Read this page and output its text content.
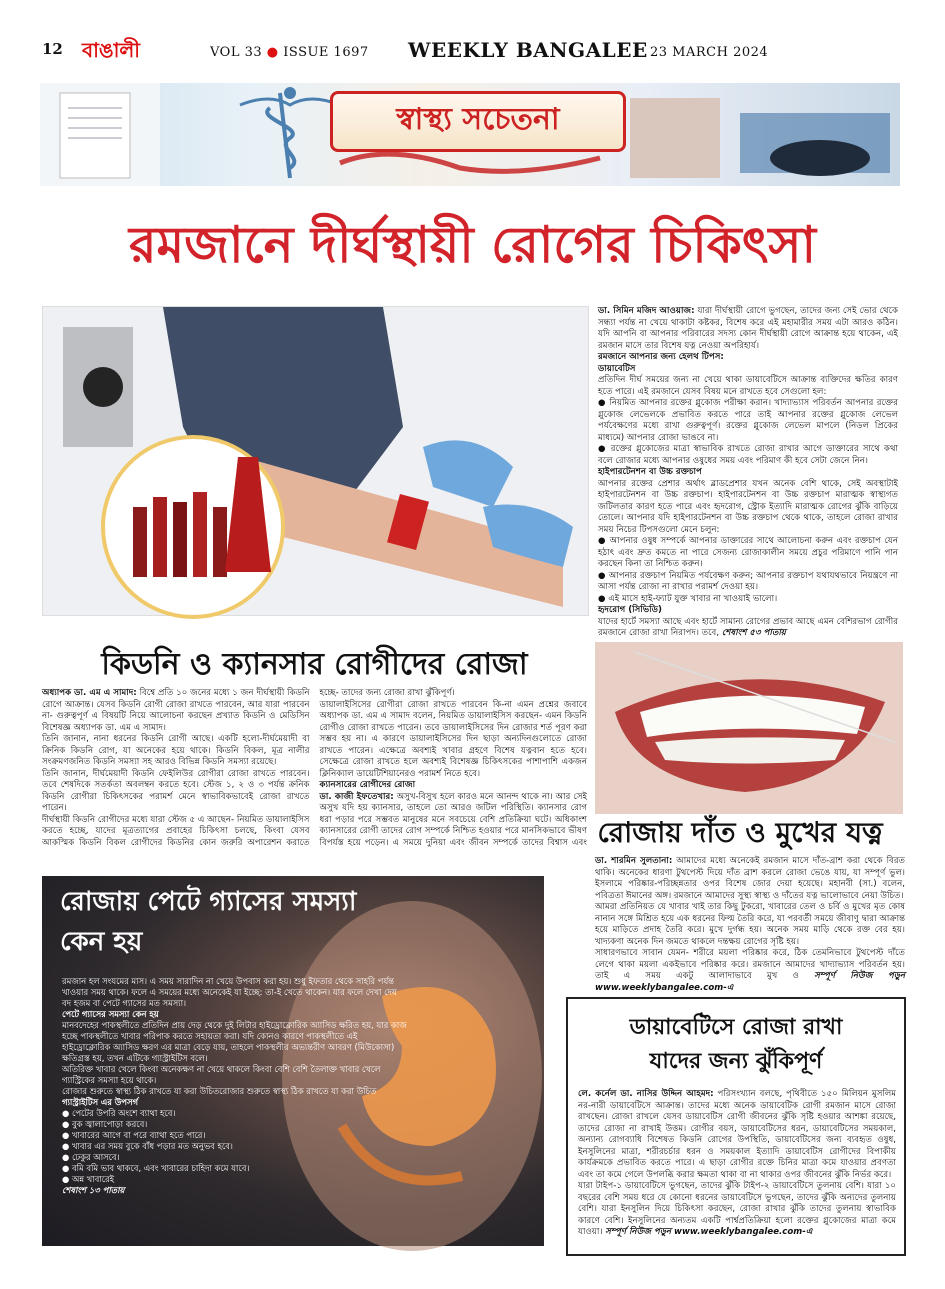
12 বাঙালী	VOL 33 ● ISSUE 1697 WEEKLY BANGALEE 23 MARCH 2024
স্বাস্থ্য সচেতনা
রমজানে দীর্ঘস্থায়ী রোগের চিকিৎসা
ডা. সিমিন মজিদ আওয়াজ: যারা দীর্ঘস্থায়ী রোগে ভুগছেন, তাদের জন্য সেই ভোর থেকে সন্ধ্যা পর্যন্ত না খেয়ে থাকাটা কষ্টকর, বিশেষ করে এই মহামারীর সময় এটা আরও কঠিন। যদি আপনি বা আপনার পরিবারের সদস্য কোন দীর্ঘস্থায়ী রোগে আক্রান্ত হয়ে থাকেন, এই রমজান মাসে তার বিশেষ যত্ন নেওয়া অপরিহার্য।
রমজানে আপনার জন্য হেলথ টিপস:
ডায়াবেটিস
প্রতিদিন দীর্ঘ সময়ের জন্য না খেয়ে থাকা ডায়াবেটিসে আক্রান্ত ব্যক্তিদের ক্ষতির কারণ হতে পারে। এই রমজানে যেসব বিষয় মনে রাখতে হবে সেগুলো হল:
● নিয়মিত আপনার রক্তের গ্লুকোজ পরীক্ষা করান। খাদ্যাভ্যাস পরিবর্তন আপনার রক্তের গ্লুকোজ লেভেলকে প্রভাবিত করতে পারে তাই আপনার রক্তের গ্লুকোজ লেভেল পর্যবেক্ষণের মধ্যে রাখা গুরুত্বপূর্ণ। রক্তের গ্লুকোজ লেভেল মাপলে (নিডল প্রিকের মাধ্যমে) আপনার রোজা ভাঙবে না।
● রক্তের গ্লুকোজের মাত্রা স্বাভাবিক রাখতে রোজা রাখার আগে ডাক্তারের সাথে কথা বলে রোজার মধ্যে আপনার ওষুধের সময় এবং পরিমাণ কী হবে সেটা জেনে নিন।
হাইপারটেনশন বা উচ্চ রক্তচাপ
আপনার রক্তের প্রেশার অর্থাৎ ব্লাডপ্রেশার যখন অনেক বেশি থাকে, সেই অবস্থাটাই হাইপারটেনশন বা উচ্চ রক্তচাপ। হাইপারটেনশন বা উচ্চ রক্তচাপ মারাত্মক স্বাস্থ্যগত জটিলতার কারণ হতে পারে এবং হৃদরোগ, স্ট্রোক ইত্যাদি মারাত্মক রোগের ঝুঁকি বাড়িয়ে তোলে। আপনার যদি হাইপারটেনশন বা উচ্চ রক্তচাপ থেকে থাকে, তাহলে রোজা রাখার সময় নিচের টিপসগুলো মেনে চলুন:
● আপনার ওষুধ সম্পর্কে আপনার ডাক্তারের সাথে আলোচনা করুন এবং রক্তচাপ যেন হঠাৎ এবং দ্রুত কমতে না পারে সেজন্য রোজাকালীন সময়ে প্রচুর পরিমাণে পানি পান করছেন কিনা তা নিশ্চিত করুন।
● আপনার রক্তচাপ নিয়মিত পর্যবেক্ষণ করুন; আপনার রক্তচাপ যথাযথভাবে নিয়ন্ত্রণে না আসা পর্যন্ত রোজা না রাখার পরামর্শ দেওয়া হয়।
● এই মাসে হাই-ফ্যাট যুক্ত খাবার না খাওয়াই ভালো।
হৃদরোগ (সিভিডি)
যাদের হার্টে সমস্যা আছে এবং হার্টে সামান্য রোগের প্রভাব আছে এমন বেশিরভাগ রোগীর রমজানে রোজা রাখা নিরাপদ। তবে, শেষাংশ ৫৩ পাতায়
কিডনি ও ক্যানসার রোগীদের রোজা
অধ্যাপক ডা. এম এ সামাদ: বিশ্বে প্রতি ১০ জনের মধ্যে ১ জন দীর্ঘস্থায়ী কিডনি রোগে আক্রান্ত। যেসব কিডনি রোগী রোজা রাখতে পারবেন, আর যারা পারবেন না- গুরুত্বপূর্ণ এ বিষয়টি নিয়ে আলোচনা করছেন প্রখ্যাত কিডনি ও মেডিসিন বিশেষজ্ঞ অধ্যাপক ডা. এম এ সামাদ।
তিনি জানান, নানা ধরনের কিডনি রোগী আছে। একটি হলো-দীর্ঘমেয়াদী বা ক্রিনিক কিডনি রোগ, যা অনেকের হয়ে থাকে। কিডনি বিকল, মূত্র নালীর সংক্রমণজনিত কিডনি সমস্যা সহ আরও বিভিন্ন কিডনি সমস্যা রয়েছে।
তিনি জানান, দীর্ঘমেয়াদী কিডনি ফেইলিউর রোগীরা রোজা রাখতে পারবেন। তবে শেষদিকে সতর্কতা অবলম্বন করতে হবে। স্টেজ ১, ২ ও ৩ পর্যন্ত ক্রনিক কিডনি রোগীরা চিকিৎসকের পরামর্শ মেনে স্বাভাবিকভাবেই রোজা রাখতে পারেন।
দীর্ঘস্থায়ী কিডনি রোগীদের মধ্যে যারা স্টেজ ৫ এ আছেন- নিয়মিত ডায়ালাইসিস করতে হচ্ছে, যাদের মূত্রত্যাগের প্রবাহের চিকিৎসা চলছে, কিংবা যেসব আকস্মিক কিডনি বিকল রোগীদের কিডনির কোন জরুরি অপারেশন করাতে হচ্ছে- তাদের জন্য রোজা রাখা ঝুঁকিপূর্ণ।
ডায়ালাইসিসের রোগীরা রোজা রাখতে পারবেন কি-না এমন প্রশ্নের জবাবে অধ্যাপক ডা. এম এ সামাদ বলেন, নিয়মিত ডায়ালাইসিস করছেন- এমন কিডনি রোগীও রোজা রাখতে পারেন। তবে ডায়ালাইসিসের দিন রোজার শর্ত পূরণ করা সম্ভব হয় না। এ কারণে ডায়ালাইসিসের দিন ছাড়া অন্যদিনগুলোতে রোজা রাখতে পারেন। এক্ষেত্রে অবশ্যই খাবার গ্রহণে বিশেষ যত্নবান হতে হবে। সেক্ষেত্রে রোজা রাখতে হলে অবশ্যই বিশেষজ্ঞ চিকিৎসকের পাশাপাশি একজন ক্লিনিক্যাল ডায়েটিশিয়ানেরও পরামর্শ নিতে হবে।
ক্যানসারের রোগীদের রোজা
ডা. কাজী ইফতেখার: অসুখ-বিসুখ হলে কারও মনে আনন্দ থাকে না। আর সেই অসুখ যদি হয় ক্যানসার, তাহলে তো আরও জটিল পরিস্থিতি। ক্যানসার রোগ ধরা পড়ার পরে সম্ভবত মানুষের মনে সবচেয়ে বেশি প্রতিক্রিয়া ঘটে। অধিকাংশ ক্যানসারের রোগী তাদের রোগ সম্পর্কে নিশ্চিত হওয়ার পরে মানসিকভাবে ভীষণ বিপর্যস্ত হয়ে পড়েন। এ সময়ে দুনিয়া এবং জীবন সম্পর্কে তাদের বিশ্বাস এবং রোজায় দাঁত ও মুখের যত্ন
ডা. শারমিন সুলতানা: আমাদের মধ্যে অনেকেই রমজান মাসে দাঁত-ব্রাশ করা থেকে বিরত থাকি। অনেকের ধারণা টুথপেস্ট দিয়ে দাঁত ব্রাশ করলে রোজা ভেঙে যায়, যা সম্পূর্ণ ভুল। ইসলামে পরিষ্কার-পরিচ্ছন্নতার ওপর বিশেষ জোর দেয়া হয়েছে। মহানবী (সা.) বলেন, পবিত্রতা ঈমানের অঙ্গ। রমজানে আমাদের সুস্থ্য স্বাস্থ্য ও দাঁতের যত্ন ভালোভাবে নেয়া উচিত।
আমরা প্রতিনিয়ত যে খাবার খাই তার কিছু টুকরো, খাবারের তেল ও চর্বি ও মুখের মৃত কোষ নানান সঙ্গে মিশ্রিত হয়ে এক ধরনের ফিল্ম তৈরি করে, যা পরবর্তী সময়ে জীবাণু দ্বারা আক্রান্ত হয়ে মাড়িতে প্রদাহ তৈরি করে। মুখে দুর্গন্ধ হয়। অনেক সময় মাড়ি থেকে রক্ত বের হয়। খাদ্যকণা অনেক দিন জমতে থাকলে দন্তক্ষয় রোগের সৃষ্টি হয়।
সাধারণভাবে সাবান যেমন- শরীরে ময়লা পরিষ্কার করে, ঠিক তেমনিভাবে টুথপেস্ট দাঁতে লেগে থাকা ময়লা একইভাবে পরিষ্কার করে। রমজানে আমাদের খাদ্যাভ্যাস পরিবর্তন হয়। তাই এ সময় একটু আলাদাভাবে মুখ ও সম্পূর্ণ নিউজ পড়ুন www.weeklybangalee.com-এ
রোজায় পেটে গ্যাসের সমস্যা কেন হয়
রমজান হল সংযমের মাস। এ সময় সারাদিন না খেয়ে উপবাস করা হয়। শুধু ইফতার থেকে সাহরি পর্যন্ত খাওয়ার সময় থাকে। ফলে এ সময়ের মধ্যে অনেকেই যা ইচ্ছে: তা-ই খেতে থাকেন। যার ফলে দেখা দেয় বদ হজম বা পেটে গ্যাসের মত সমস্যা।
পেটে গ্যাসের সমস্যা কেন হয়
মানবদেহের পাকস্থলীতে প্রতিদিন প্রায় দেড় থেকে দুই লিটার হাইড্রোক্লোরিক অ্যাসিড ক্ষরিত হয়, যার কাজ হচ্ছে পাকস্থলীতে খাবার পরিপাক করতে সহায়তা করা। যদি কোনও কারণে পাকস্থলীতে এই হাইড্রোক্লোরিক অ্যাসিড ক্ষরণ এর মাত্রা বেড়ে যায়, তাহলে পাকস্থলীর অভ্যন্তরীণ আবরণ (মিউকোসা) ক্ষতিগ্রস্ত হয়, তখন এটিকে গ্যাস্ট্রাইটিস বলে।
অতিরিক্ত খাবার খেলে কিংবা অনেকক্ষণ না খেয়ে থাকলে কিংবা বেশি বেশি তৈলাক্ত খাবার খেলে গ্যাস্ট্রিকের সমস্যা হয়ে থাকে।
রোজার শুরুতে স্বাস্থ্য ঠিক রাখতে যা করা উচিতরোজার শুরুতে স্বাস্থ্য ঠিক রাখতে যা করা উচিত
গ্যাস্ট্রাইটিস এর উপসর্গ

● পেটের উপরি অংশে ব্যাথা হবে।
● বুক জ্বালাপোড়া করবে।
● খাবারের আগে বা পরে ব্যাথা হতে পারে।
● খাবার এর সময় বুকে বাঁধ পড়ার মত অনুভব হবে।
● ঢেকুর আসবে।
● বমি বমি ভাব থাকবে, এবং খাবারের চাহিদা কমে যাবে।
● অন্ন খাবারেই
শেষাংশ ১৩ পাতায়
ডায়াবেটিসে রোজা রাখা
যাদের জন্য ঝুঁকিপূর্ণ
লে. কর্নেল ডা. নাসির উদ্দিন আহমদ: পরিসংখ্যান বলছে, পৃথিবীতে ১৫০ মিলিয়ন মুসলিম নর-নারী ডায়াবেটিসে আক্রান্ত। তাদের মধ্যে অনেক ডায়াবেটিক রোগী রমজান মাসে রোজা রাখছেন। রোজা রাখলে যেসব ডায়াবেটিস রোগী জীবনের ঝুঁকি সৃষ্টি হওয়ার আশঙ্কা রয়েছে, তাদের রোজা না রাখাই উত্তম। রোগীর বয়স, ডায়াবেটিসের ধরন, ডায়াবেটিসের সময়কাল, অন্যান্য রোগব্যাধি বিশেষত কিডনি রোগের উপস্থিতি, ডায়াবেটিসের জন্য ব্যবহৃত ওষুধ, ইনসুলিনের মাত্রা, শরীরচর্চার ধরন ও সময়কাল ইত্যাদি ডায়াবেটিস রোগীদের বিপাকীয় কার্যক্রমকে প্রভাবিত করতে পারে। এ ছাড়া রোগীর রক্তে চিনির মাত্রা কমে যাওয়ার প্রবণতা এবং তা কমে গেলে উপলব্ধি করার ক্ষমতা থাকা বা না থাকার ওপর জীবনের ঝুঁকি নির্ভর করে।
যারা টাইপ-১ ডায়াবেটিসে ভুগছেন, তাদের ঝুঁকি টাইপ-২ ডায়াবেটিসে তুলনায় বেশি। যারা ১০ বছরের বেশি সময় ধরে যে কোনো ধরনের ডায়াবেটিসে ভুগছেন, তাদের ঝুঁকি অন্যদের তুলনায় বেশি। যারা ইনসুলিন দিয়ে চিকিৎসা করছেন, রোজা রাখার ঝুঁকি তাদের তুলনায় স্বাভাবিক কারণে বেশি। ইনসুলিনের অন্যতম একটি পার্শ্বপ্রতিক্রিয়া হলো রক্তের গ্লুকোজের মাত্রা কমে যাওয়া। সম্পূর্ণ নিউজ পড়ুন www.weeklybangalee.com-এ
